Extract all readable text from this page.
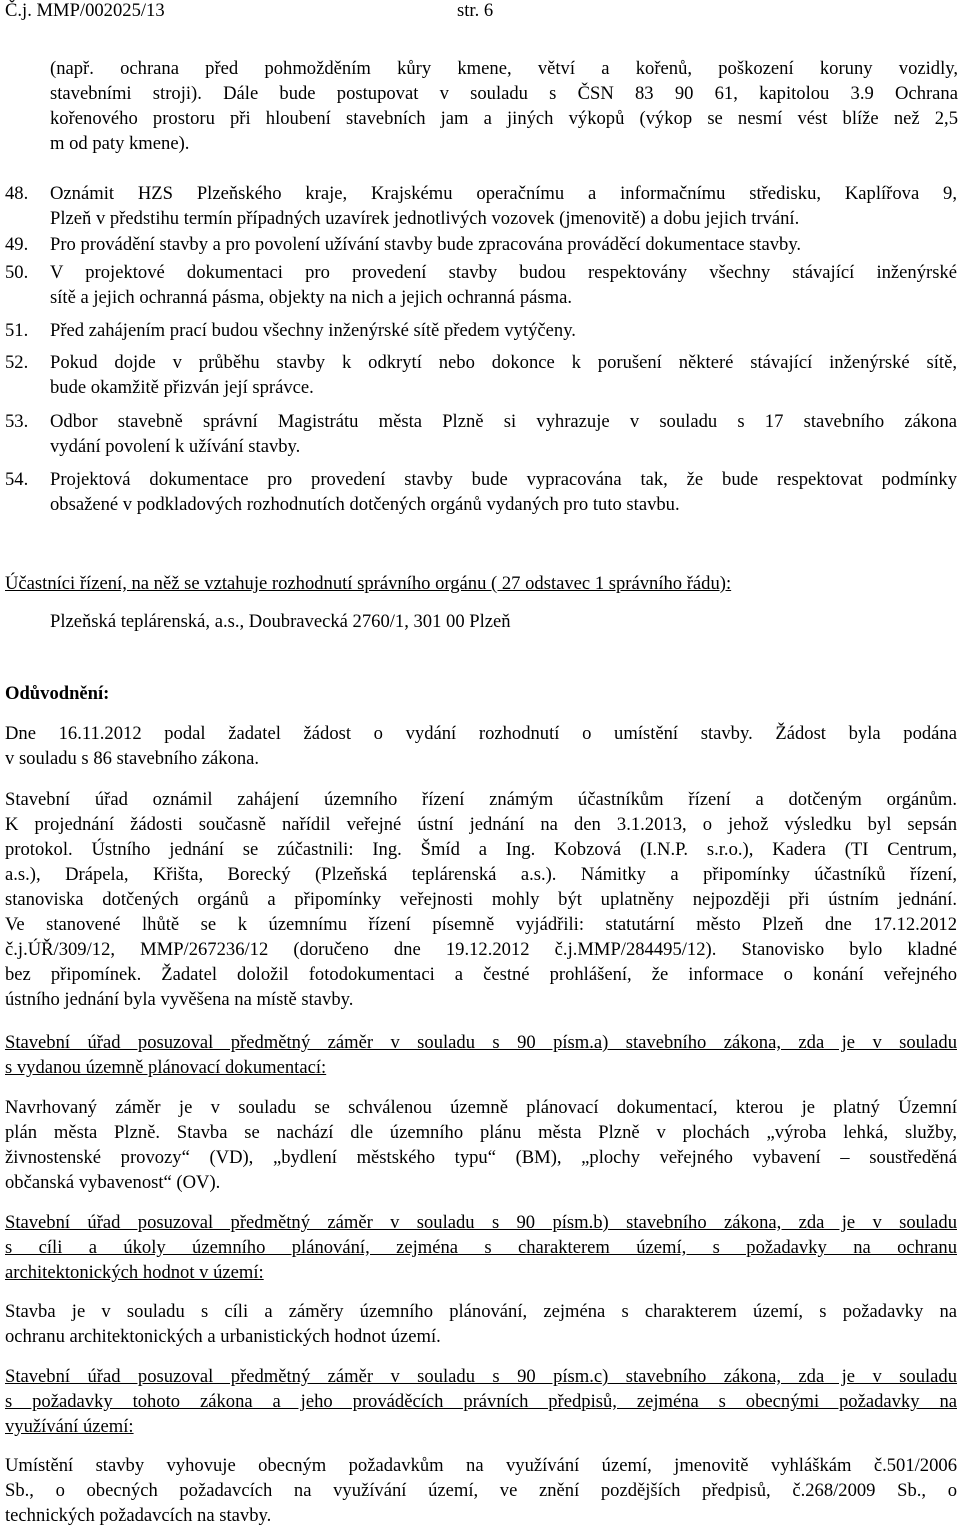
Č.j. MMP/002025/13	str. 6
(např. ochrana před pohmožděním kůry kmene, větví a kořenů, poškození koruny vozidly,
stavebními stroji). Dále bude postupovat v souladu s ČSN 83 90 61, kapitolou 3.9 Ochrana
kořenového prostoru při hloubení stavebních jam a jiných výkopů (výkop se nesmí vést blíže než 2,5
m od paty kmene).
48. Oznámit HZS Plzeňského kraje, Krajskému operačnímu a informačnímu středisku, Kaplířova 9,
Plzeň v předstihu termín případných uzavírek jednotlivých vozovek (jmenovitě) a dobu jejich trvání.
49. Pro provádění stavby a pro povolení užívání stavby bude zpracována prováděcí dokumentace stavby.
50. V projektové dokumentaci pro provedení stavby budou respektovány všechny stávající inženýrské
sítě a jejich ochranná pásma, objekty na nich a jejich ochranná pásma.
51. Před zahájením prací budou všechny inženýrské sítě předem vytýčeny.
52. Pokud dojde v průběhu stavby k odkrytí nebo dokonce k porušení některé stávající inženýrské sítě,
bude okamžitě přizván její správce.
53. Odbor stavebně správní Magistrátu města Plzně si vyhrazuje v souladu s 17 stavebního zákona
vydání povolení k užívání stavby.
54. Projektová dokumentace pro provedení stavby bude vypracována tak, že bude respektovat podmínky
obsažené v podkladových rozhodnutích dotčených orgánů vydaných pro tuto stavbu.
Účastníci řízení, na něž se vztahuje rozhodnutí správního orgánu ( 27 odstavec 1 správního řádu):
Plzeňská teplárenská, a.s., Doubravecká 2760/1, 301 00 Plzeň
Odůvodnění:
Dne 16.11.2012 podal žadatel žádost o vydání rozhodnutí o umístění stavby. Žádost byla podána
v souladu s 86 stavebního zákona.
Stavební úřad oznámil zahájení územního řízení známým účastníkům řízení a dotčeným orgánům.
K projednání žádosti současně nařídil veřejné ústní jednání na den 3.1.2013, o jehož výsledku byl sepsán
protokol. Ústního jednání se zúčastnili: Ing. Šmíd a Ing. Kobzová (I.N.P. s.r.o.), Kadera (TI Centrum,
a.s.), Drápela, Křišta, Borecký (Plzeňská teplárenská a.s.). Námitky a připomínky účastníků řízení,
stanoviska dotčených orgánů a připomínky veřejnosti mohly být uplatněny nejpozději při ústním jednání.
Ve stanovené lhůtě se k územnímu řízení písemně vyjádřili: statutární město Plzeň dne 17.12.2012
č.j.ÚŘ/309/12, MMP/267236/12 (doručeno dne 19.12.2012 č.j.MMP/284495/12). Stanovisko bylo kladné
bez připomínek. Žadatel doložil fotodokumentaci a čestné prohlášení, že informace o konání veřejného
ústního jednání byla vyvěšena na místě stavby.
Stavební úřad posuzoval předmětný záměr v souladu s 90 písm.a) stavebního zákona, zda je v souladu
s vydanou územně plánovací dokumentací:
Navrhovaný záměr je v souladu se schválenou územně plánovací dokumentací, kterou je platný Územní
plán města Plzně. Stavba se nachází dle územního plánu města Plzně v plochách „výroba lehká, služby,
živnostenské provozy“ (VD), „bydlení městského typu“ (BM), „plochy veřejného vybavení – soustředěná
občanská vybavenost“ (OV).
Stavební úřad posuzoval předmětný záměr v souladu s 90 písm.b) stavebního zákona, zda je v souladu
s cíli a úkoly územního plánování, zejména s charakterem území, s požadavky na ochranu
architektonických hodnot v území:
Stavba je v souladu s cíli a záměry územního plánování, zejména s charakterem území, s požadavky na
ochranu architektonických a urbanistických hodnot území.
Stavební úřad posuzoval předmětný záměr v souladu s 90 písm.c) stavebního zákona, zda je v souladu
s požadavky tohoto zákona a jeho prováděcích právních předpisů, zejména s obecnými požadavky na
využívání území:
Umístění stavby vyhovuje obecným požadavkům na využívání území, jmenovitě vyhláškám č.501/2006
Sb., o obecných požadavcích na využívání území, ve znění pozdějších předpisů, č.268/2009 Sb., o
technických požadavcích na stavby.
